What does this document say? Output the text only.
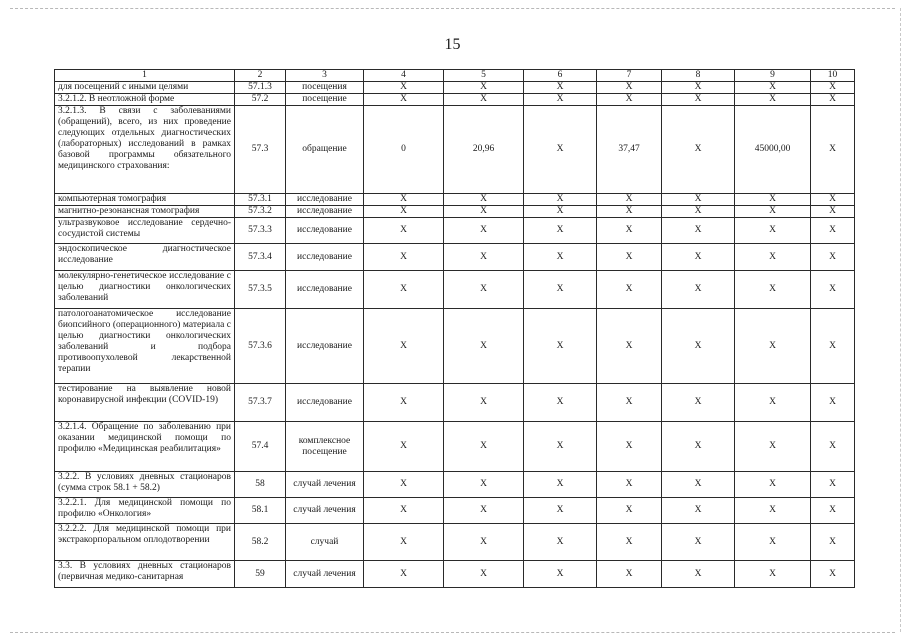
15
1	2	3	4	5	6	7	8	9	10
для посещений с иными целями	57.1.3	посещения	X	X	X	X	X	X	X
3.2.1.2. В неотложной форме	57.2	посещение	X	X	X	X	X	X	X
3.2.1.3. В связи с заболеваниями (обращений), всего, из них проведение следующих отдельных диагностических (лабораторных) исследований в рамках базовой программы обязательного медицинского страхования:	57.3	обращение	0	20,96	X	37,47	X	45000,00	X
компьютерная томография	57.3.1	исследование	X	X	X	X	X	X	X
магнитно-резонансная томография	57.3.2	исследование	X	X	X	X	X	X	X
ультразвуковое исследование сердечно-сосудистой системы	57.3.3	исследование	X	X	X	X	X	X	X
эндоскопическое диагностическое исследование	57.3.4	исследование	X	X	X	X	X	X	X
молекулярно-генетическое исследование с целью диагностики онкологических заболеваний	57.3.5	исследование	X	X	X	X	X	X	X
патологоанатомическое исследование биопсийного (операционного) материала с целью диагностики онкологических заболеваний и подбора противоопухолевой лекарственной терапии	57.3.6	исследование	X	X	X	X	X	X	X
тестирование на выявление новой коронавирусной инфекции (COVID-19)	57.3.7	исследование	X	X	X	X	X	X	X
3.2.1.4. Обращение по заболеванию при оказании медицинской помощи по профилю «Медицинская реабилитация»	57.4	комплексное посещение	X	X	X	X	X	X	X
3.2.2. В условиях дневных стационаров (сумма строк 58.1 + 58.2)	58	случай лечения	X	X	X	X	X	X	X
3.2.2.1. Для медицинской помощи по профилю «Онкология»	58.1	случай лечения	X	X	X	X	X	X	X
3.2.2.2. Для медицинской помощи при экстракорпоральном оплодотворении	58.2	случай	X	X	X	X	X	X	X
3.3. В условиях дневных стационаров (первичная медико-санитарная	59	случай лечения	X	X	X	X	X	X	X
